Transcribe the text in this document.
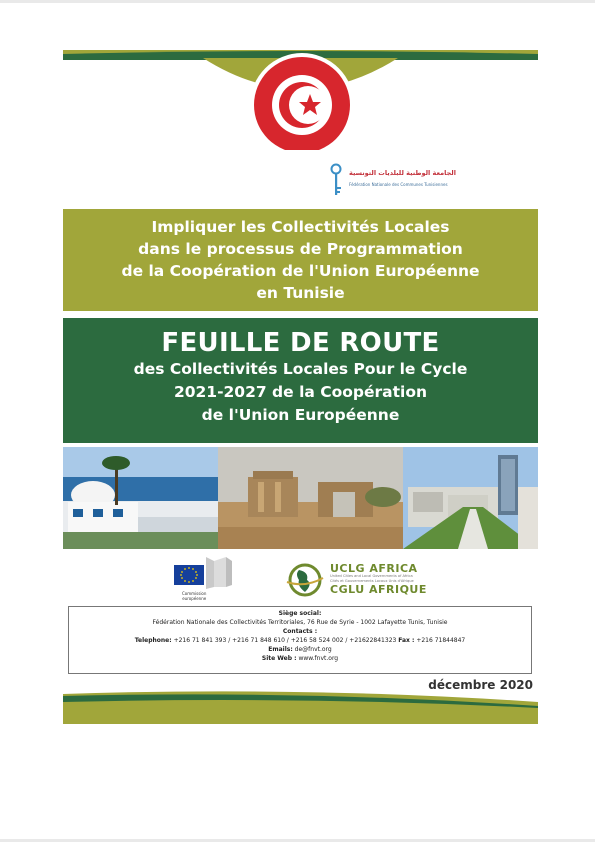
الجامعة الوطنية للبلديات التونسية
Fédération Nationale des Communes Tunisiennes
Impliquer les Collectivités Locales
dans le processus de Programmation
de la Coopération de l'Union Européenne
en Tunisie
FEUILLE DE ROUTE
des Collectivités Locales Pour le Cycle
2021-2027 de la Coopération
de l'Union Européenne
Commission
européenne
UCLG AFRICA
United Cities and Local Governments of Africa
Cités et Gouvernements Locaux Unis d'Afrique
CGLU AFRIQUE
Siège social:
Fédération Nationale des Collectivités Territoriales, 76 Rue de Syrie - 1002 Lafayette Tunis, Tunisie
Contacts :
Telephone: +216 71 841 393 / +216 71 848 610 / +216 58 524 002 / +21622841323 Fax : +216 71844847
Emails: dе@fnvt.org
Site Web : www.fnvt.org
décembre 2020
